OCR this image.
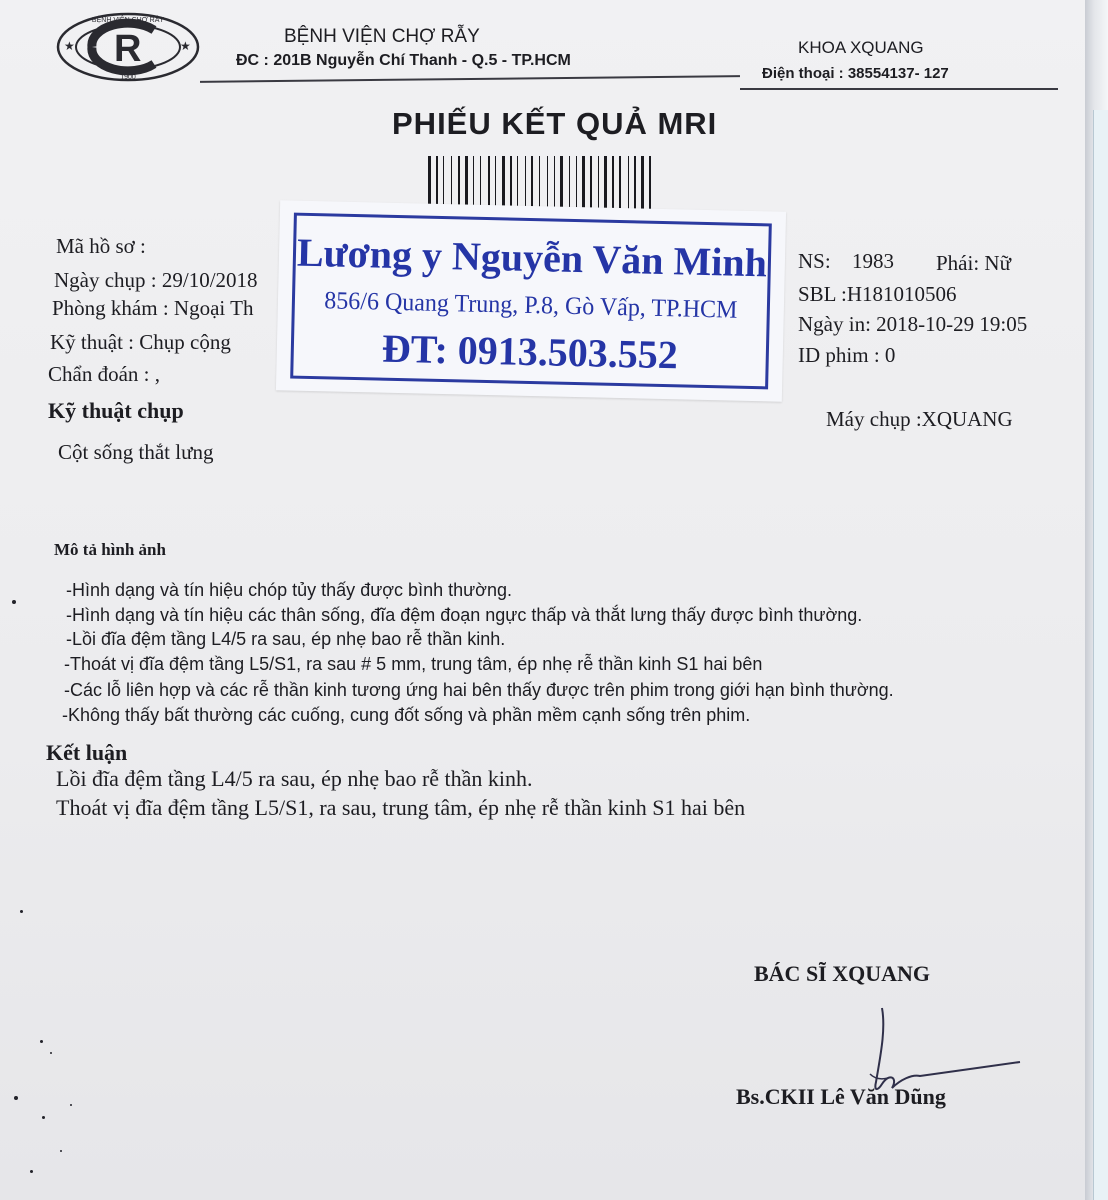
R
★	★
BỆNH VIỆN CHỢ RẪY
1900
BỆNH VIỆN CHỢ RẪY
ĐC : 201B Nguyễn Chí Thanh - Q.5 - TP.HCM
KHOA XQUANG
Điện thoại : 38554137- 127
PHIẾU KẾT QUẢ MRI
Mã hồ sơ :
Ngày chụp : 29/10/2018
Phòng khám : Ngoại Th
Kỹ thuật : Chụp cộng
Chẩn đoán : ,
NS: 1983 Phái: Nữ
SBL :H181010506
Ngày in: 2018-10-29 19:05
ID phim : 0
Lương y Nguyễn Văn Minh
856/6 Quang Trung, P.8, Gò Vấp, TP.HCM
ĐT: 0913.503.552
Kỹ thuật chụp	Máy chụp :XQUANG
Cột sống thắt lưng
Mô tả hình ảnh
-Hình dạng và tín hiệu chóp tủy thấy được bình thường.
-Hình dạng và tín hiệu các thân sống, đĩa đệm đoạn ngực thấp và thắt lưng thấy được bình thường.
-Lồi đĩa đệm tầng L4/5 ra sau, ép nhẹ bao rễ thần kinh.
-Thoát vị đĩa đệm tầng L5/S1, ra sau # 5 mm, trung tâm, ép nhẹ rễ thần kinh S1 hai bên
-Các lỗ liên hợp và các rễ thần kinh tương ứng hai bên thấy được trên phim trong giới hạn bình thường.
-Không thấy bất thường các cuống, cung đốt sống và phần mềm cạnh sống trên phim.
Kết luận
Lồi đĩa đệm tầng L4/5 ra sau, ép nhẹ bao rễ thần kinh.
Thoát vị đĩa đệm tầng L5/S1, ra sau, trung tâm, ép nhẹ rễ thần kinh S1 hai bên
BÁC SĨ XQUANG
Bs.CKII Lê Văn Dũng
